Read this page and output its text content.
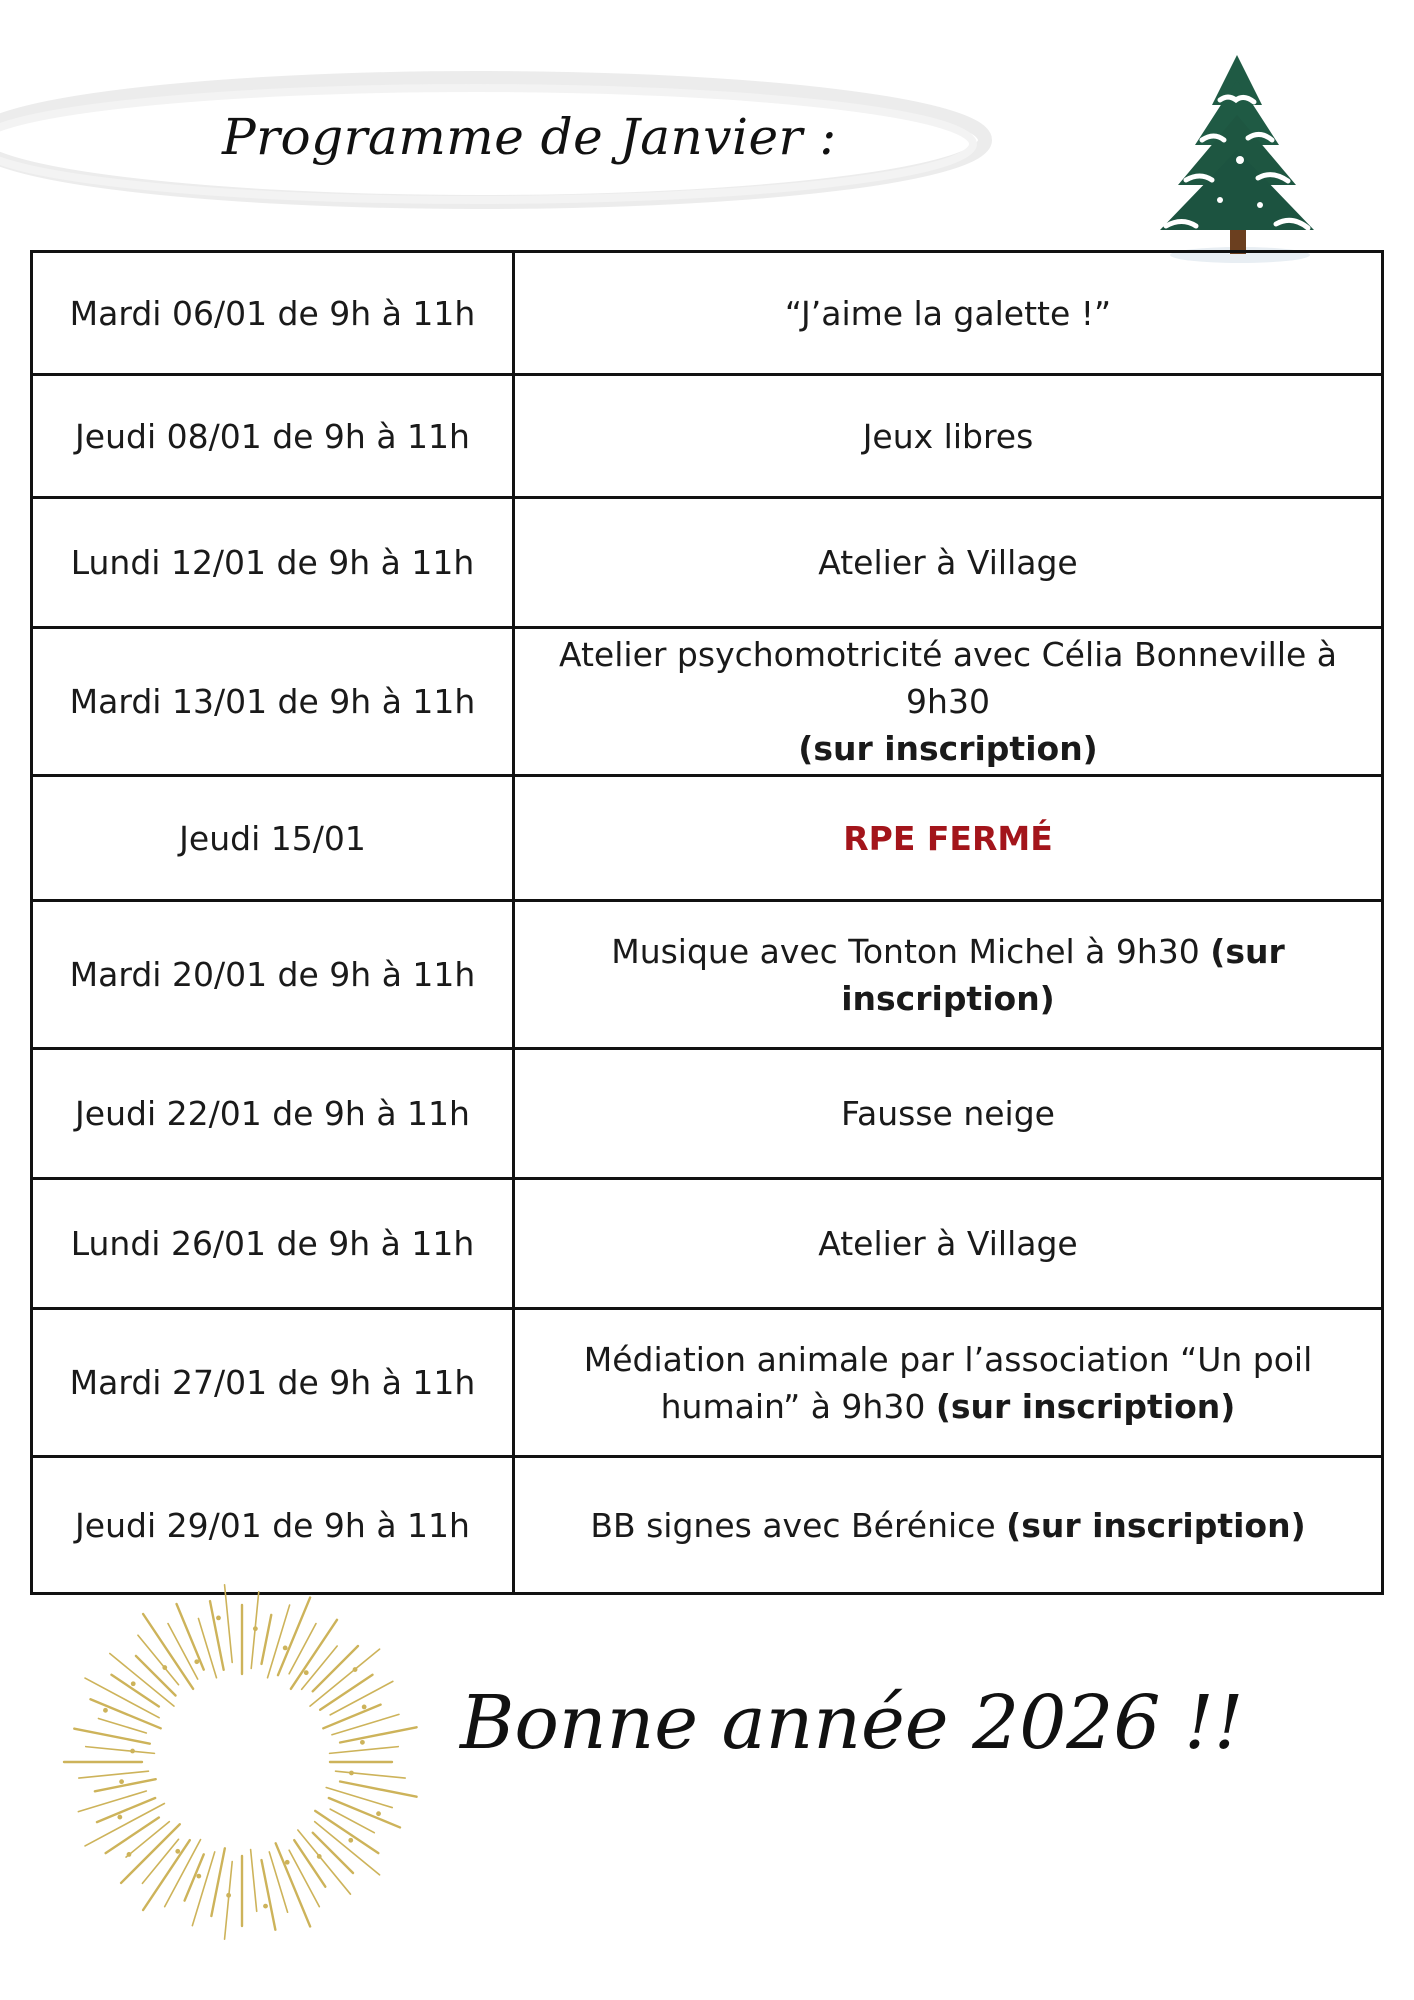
Programme de Janvier :
Mardi 06/01 de 9h à 11h	“J’aime la galette !”
Jeudi 08/01 de 9h à 11h	Jeux libres
Lundi 12/01 de 9h à 11h	Atelier à Village
Mardi 13/01 de 9h à 11h	Atelier psychomotricité avec Célia Bonneville à 9h30
(sur inscription)
Jeudi 15/01	RPE FERMÉ
Mardi 20/01 de 9h à 11h	Musique avec Tonton Michel à 9h30 (sur inscription)
Jeudi 22/01 de 9h à 11h	Fausse neige
Lundi 26/01 de 9h à 11h	Atelier à Village
Mardi 27/01 de 9h à 11h	Médiation animale par l’association “Un poil humain” à 9h30 (sur inscription)
Jeudi 29/01 de 9h à 11h	BB signes avec Bérénice (sur inscription)
Bonne année 2026 !!
